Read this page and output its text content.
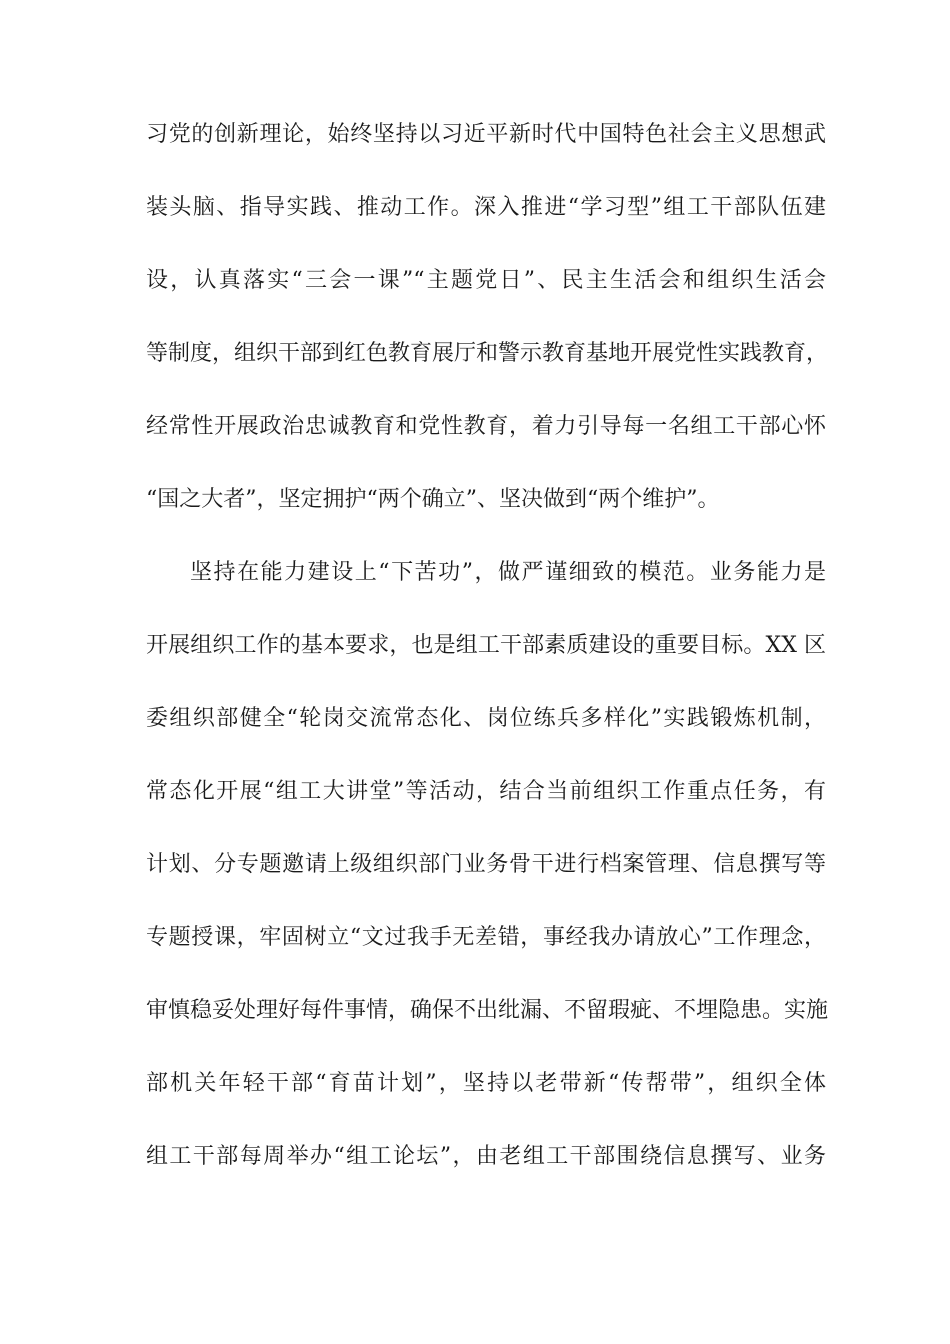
习党的创新理论，始终坚持以习近平新时代中国特色社会主义思想武
装头脑、指导实践、推动工作。深入推进“学习型”组工干部队伍建
设，认真落实“三会一课”“主题党日”、民主生活会和组织生活会
等制度，组织干部到红色教育展厅和警示教育基地开展党性实践教育，
经常性开展政治忠诚教育和党性教育，着力引导每一名组工干部心怀
“国之大者”，坚定拥护“两个确立”、坚决做到“两个维护”。
坚持在能力建设上“下苦功”，做严谨细致的模范。业务能力是
开展组织工作的基本要求，也是组工干部素质建设的重要目标。XX 区
委组织部健全“轮岗交流常态化、岗位练兵多样化”实践锻炼机制，
常态化开展“组工大讲堂”等活动，结合当前组织工作重点任务，有
计划、分专题邀请上级组织部门业务骨干进行档案管理、信息撰写等
专题授课，牢固树立“文过我手无差错，事经我办请放心”工作理念，
审慎稳妥处理好每件事情，确保不出纰漏、不留瑕疵、不埋隐患。实施
部机关年轻干部“育苗计划”，坚持以老带新“传帮带”，组织全体
组工干部每周举办“组工论坛”，由老组工干部围绕信息撰写、业务
